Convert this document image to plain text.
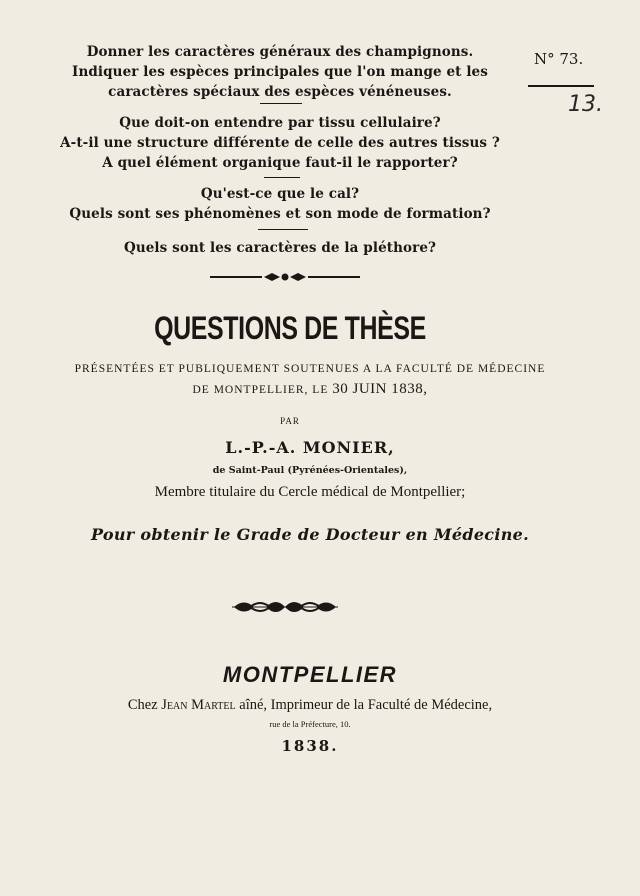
Donner les caractères généraux des champignons.
Indiquer les espèces principales que l'on mange et les
caractères spéciaux des espèces vénéneuses.
Que doit-on entendre par tissu cellulaire?
A-t-il une structure différente de celle des autres tissus ?
A quel élément organique faut-il le rapporter?
Qu'est-ce que le cal?
Quels sont ses phénomènes et son mode de formation?
Quels sont les caractères de la pléthore?
N° 73.
13.
QUESTIONS DE THÈSE
PRÉSENTÉES ET PUBLIQUEMENT SOUTENUES A LA FACULTÉ DE MÉDECINE
DE MONTPELLIER, LE 30 JUIN 1838,
PAR
L.-P.-A. MONIER,
de Saint-Paul (Pyrénées-Orientales),
Membre titulaire du Cercle médical de Montpellier;
Pour obtenir le Grade de Docteur en Médecine.
MONTPELLIER
Chez Jean Martel aîné, Imprimeur de la Faculté de Médecine,
rue de la Préfecture, 10.
1838.
